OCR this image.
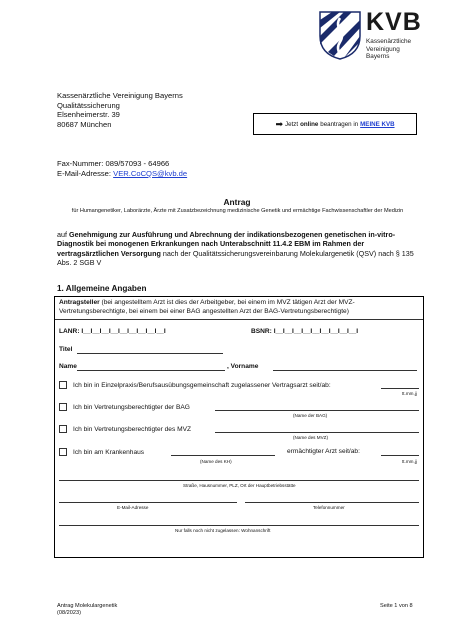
KVB
Kassenärztliche
Vereinigung
Bayerns
Kassenärztliche Vereinigung Bayerns
Qualitätssicherung
Elsenheimerstr. 39
80687 München	➡ Jetzt online beantragen in MEINE KVB
Fax-Nummer: 089/57093 - 64966
E-Mail-Adresse: VER.CoCQS@kvb.de
Antrag
für Humangenetiker, Laborärzte, Ärzte mit Zusatzbezeichnung medizinische Genetik und ermächtige Fachwissenschaftler der Medizin
auf Genehmigung zur Ausführung und Abrechnung der indikationsbezogenen genetischen in-vitro-Diagnostik bei monogenen Erkrankungen nach Unterabschnitt 11.4.2 EBM im Rahmen der vertragsärztlichen Versorgung nach der Qualitätssicherungsvereinbarung Molekulargenetik (QSV) nach § 135 Abs. 2 SGB V
1. Allgemeine Angaben
Antragsteller (bei angestelltem Arzt ist dies der Arbeitgeber, bei einem im MVZ tätigen Arzt der MVZ-
Vertretungsberechtigte, bei einem bei einer BAG angestellten Arzt der BAG-Vertretungsberechtigte)
LANR: I__I__I__I__I__I__I__I__I__I	BSNR: I__I__I__I__I__I__I__I__I__I
Titel
Name	, Vorname
Ich bin in Einzelpraxis/Berufsausübungsgemeinschaft zugelassener Vertragsarzt seit/ab:
tt.mm.jj
Ich bin Vertretungsberechtigter der BAG
(Name der BAG)
Ich bin Vertretungsberechtigter des MVZ
(Name des MVZ)
Ich bin am Krankenhaus	ermächtigter Arzt seit/ab:
(Name des KH)	tt.mm.jj
Straße, Hausnummer, PLZ, Ort der Hauptbetriebsstätte
E-Mail-Adresse	Telefonnummer
Nur falls noch nicht zugelassen: Wohnanschrift
Antrag Molekulargenetik
(08/2023)
Seite 1 von 8
